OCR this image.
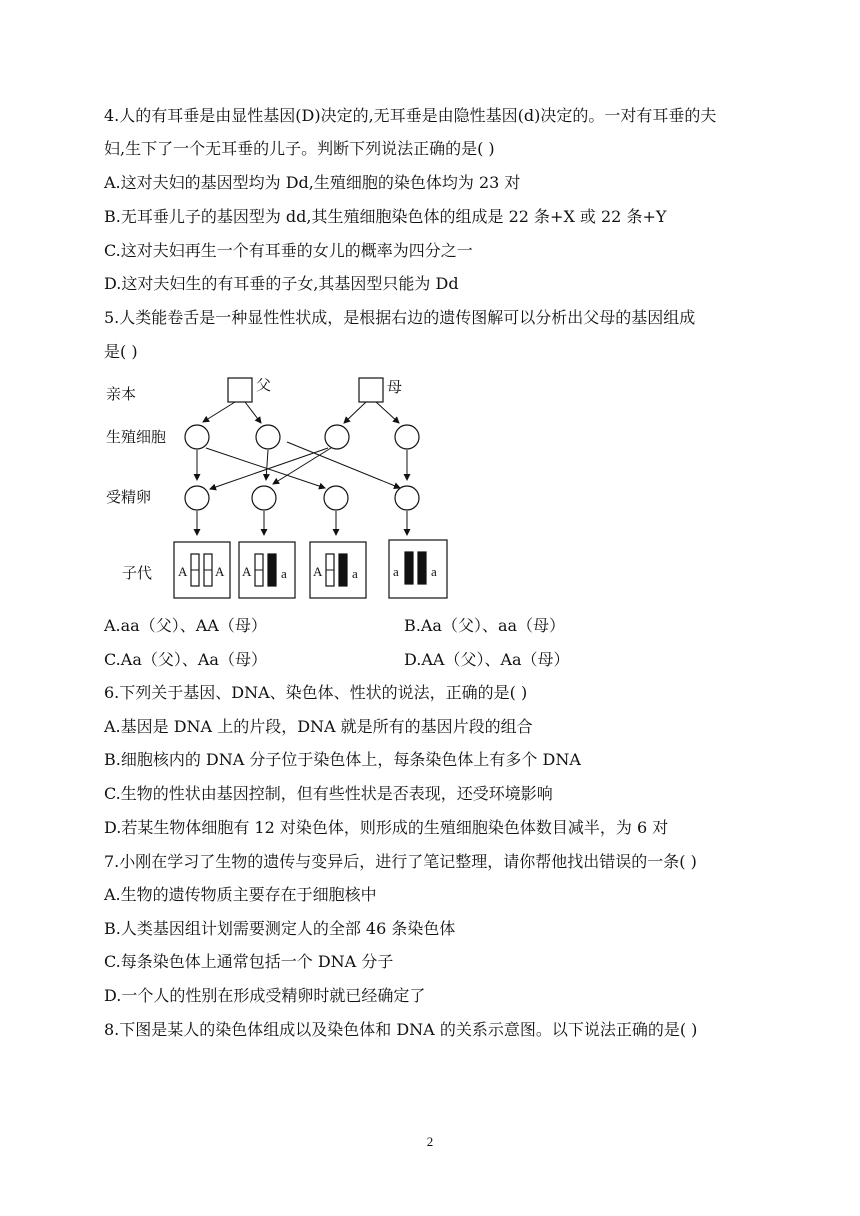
4.人的有耳垂是由显性基因(D)决定的,无耳垂是由隐性基因(d)决定的。一对有耳垂的夫
妇,生下了一个无耳垂的儿子。判断下列说法正确的是( )
A.这对夫妇的基因型均为 Dd,生殖细胞的染色体均为 23 对
B.无耳垂儿子的基因型为 dd,其生殖细胞染色体的组成是 22 条+X 或 22 条+Y
C.这对夫妇再生一个有耳垂的女儿的概率为四分之一
D.这对夫妇生的有耳垂的子女,其基因型只能为 Dd
5.人类能卷舌是一种显性性状成，是根据右边的遗传图解可以分析出父母的基因组成
是( )
亲本
生殖细胞
受精卵
子代
父	母
A A A a A a	a a
A.aa（父）、AA（母）	B.Aa（父）、aa（母）
C.Aa（父）、Aa（母）	D.AA（父）、Aa（母）
6.下列关于基因、DNA、染色体、性状的说法，正确的是( )
A.基因是 DNA 上的片段，DNA 就是所有的基因片段的组合
B.细胞核内的 DNA 分子位于染色体上，每条染色体上有多个 DNA
C.生物的性状由基因控制，但有些性状是否表现，还受环境影响
D.若某生物体细胞有 12 对染色体，则形成的生殖细胞染色体数目减半，为 6 对
7.小刚在学习了生物的遗传与变异后，进行了笔记整理，请你帮他找出错误的一条( )
A.生物的遗传物质主要存在于细胞核中
B.人类基因组计划需要测定人的全部 46 条染色体
C.每条染色体上通常包括一个 DNA 分子
D.一个人的性别在形成受精卵时就已经确定了
8.下图是某人的染色体组成以及染色体和 DNA 的关系示意图。以下说法正确的是( )
2
